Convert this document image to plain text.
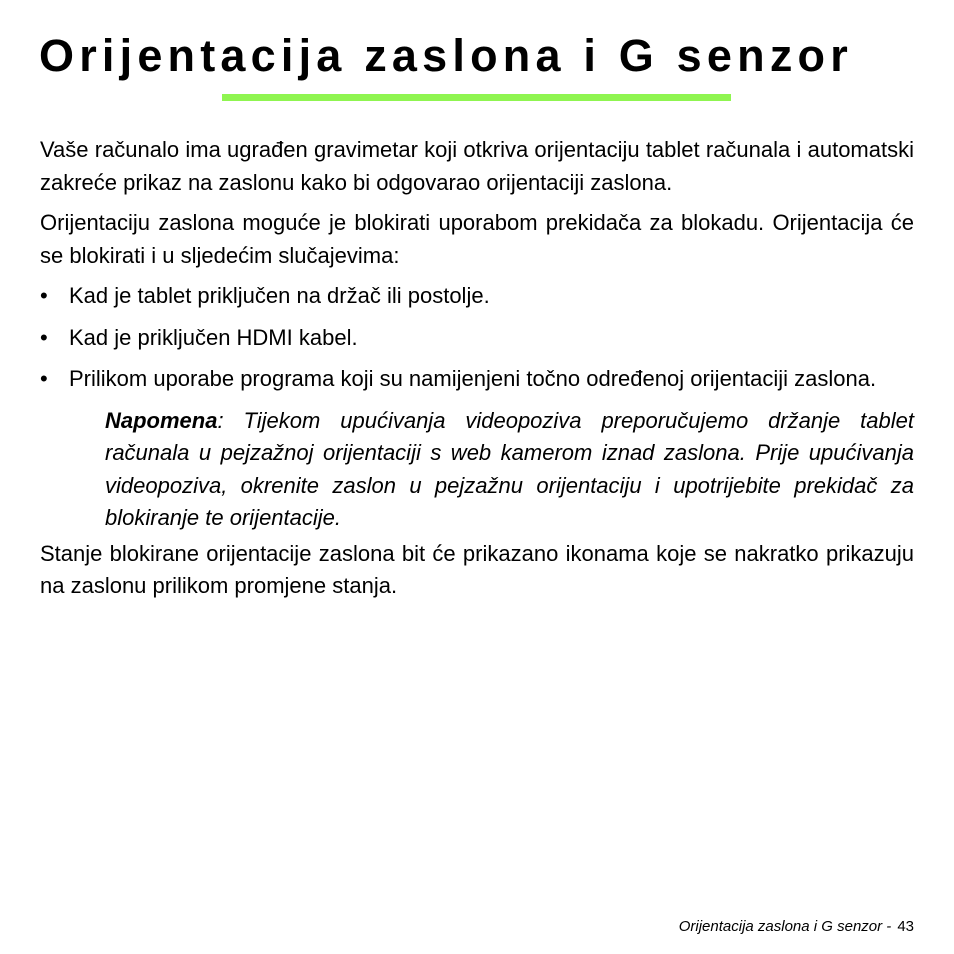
Orijentacija zaslona i G senzor

Vaše računalo ima ugrađen gravimetar koji otkriva orijentaciju tablet računala i automatski zakreće prikaz na zaslonu kako bi odgovarao orijentaciji zaslona.

Orijentaciju zaslona moguće je blokirati uporabom prekidača za blokadu. Orijentacija će se blokirati i u sljedećim slučajevima:

• Kad je tablet priključen na držač ili postolje.
• Kad je priključen HDMI kabel.
• Prilikom uporabe programa koji su namijenjeni točno određenoj orijentaciji zaslona.

Napomena: Tijekom upućivanja videopoziva preporučujemo držanje tablet računala u pejzažnoj orijentaciji s web kamerom iznad zaslona. Prije upućivanja videopoziva, okrenite zaslon u pejzažnu orijentaciju i upotrijebite prekidač za blokiranje te orijentacije.

Stanje blokirane orijentacije zaslona bit će prikazano ikonama koje se nakratko prikazuju na zaslonu prilikom promjene stanja.

Orijentacija zaslona i G senzor - 43
